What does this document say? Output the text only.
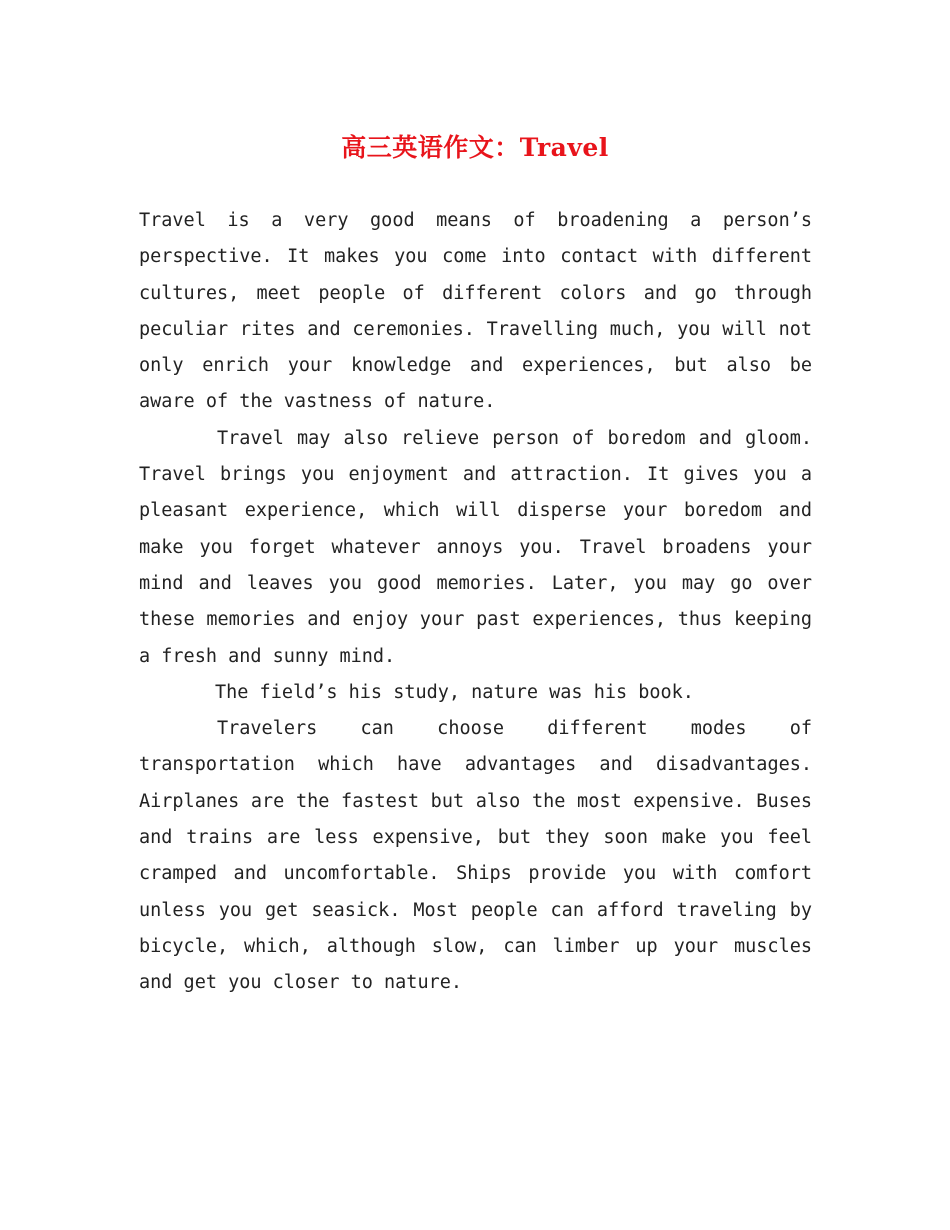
高三英语作文：Travel

Travel is a very good means of broadening a person’s perspective. It makes you come into contact with different cultures, meet people of different colors and go through peculiar rites and ceremonies. Travelling much, you will not only enrich your knowledge and experiences, but also be aware of the vastness of nature.

Travel may also relieve person of boredom and gloom. Travel brings you enjoyment and attraction. It gives you a pleasant experience, which will disperse your boredom and make you forget whatever annoys you. Travel broadens your mind and leaves you good memories. Later, you may go over these memories and enjoy your past experiences, thus keeping a fresh and sunny mind.

The field’s his study, nature was his book.

Travelers can choose different modes of transportation which have advantages and disadvantages. Airplanes are the fastest but also the most expensive. Buses and trains are less expensive, but they soon make you feel cramped and uncomfortable. Ships provide you with comfort unless you get seasick. Most people can afford traveling by bicycle, which, although slow, can limber up your muscles and get you closer to nature.
